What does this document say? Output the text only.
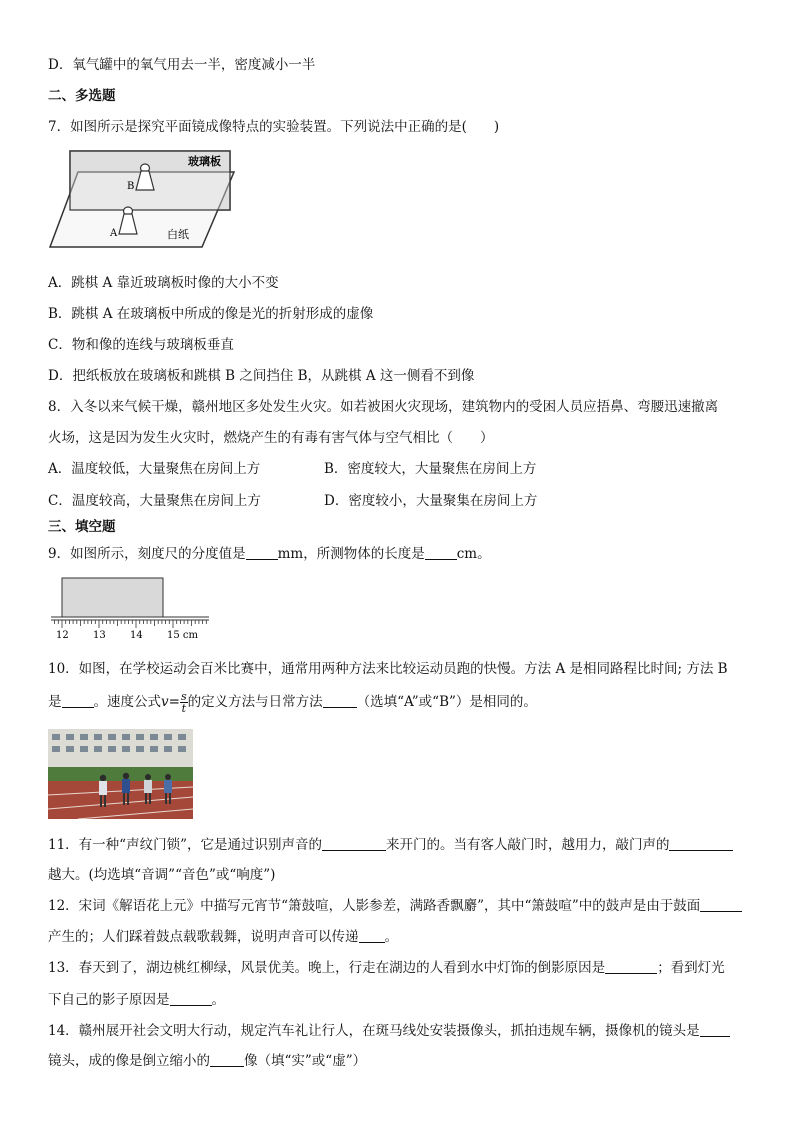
D．氧气罐中的氧气用去一半，密度减小一半
二、多选题
7．如图所示是探究平面镜成像特点的实验装置。下列说法中正确的是(　　)
玻璃板
B
A	白纸
A．跳棋 A 靠近玻璃板时像的大小不变
B．跳棋 A 在玻璃板中所成的像是光的折射形成的虚像
C．物和像的连线与玻璃板垂直
D．把纸板放在玻璃板和跳棋 B 之间挡住 B，从跳棋 A 这一侧看不到像
8．入冬以来气候干燥，赣州地区多处发生火灾。如若被困火灾现场，建筑物内的受困人员应捂鼻、弯腰迅速撤离
火场，这是因为发生火灾时，燃烧产生的有毒有害气体与空气相比（　　）
A．温度较低，大量聚焦在房间上方	B．密度较大，大量聚焦在房间上方
C．温度较高，大量聚焦在房间上方	D．密度较小，大量聚集在房间上方
三、填空题
9．如图所示，刻度尺的分度值是 mm，所测物体的长度是 cm。
12 13 14 15 cm
10．如图，在学校运动会百米比赛中，通常用两种方法来比较运动员跑的快慢。方法 A 是相同路程比时间; 方法 B
是 。速度公式$v= \frac{s}{t}$ 的定义方法与日常方法	（选填“A”或“B”）是相同的。
11．有一种“声纹门锁”，它是通过识别声音的	来开门的。当有客人敲门时，越用力，敲门声的
越大。(均选填“音调”“音色”或“响度”)
12．宋词《解语花上元》中描写元宵节“箫鼓喧，人影参差，满路香飘麝”，其中“箫鼓喧”中的鼓声是由于鼓面
产生的；人们踩着鼓点载歌载舞，说明声音可以传递 。
13．春天到了，湖边桃红柳绿，风景优美。晚上，行走在湖边的人看到水中灯饰的倒影原因是	；看到灯光
下自己的影子原因是	。
14．赣州展开社会文明大行动，规定汽车礼让行人，在斑马线处安装摄像头，抓拍违规车辆，摄像机的镜头是
镜头，成的像是倒立缩小的	像（填“实”或“虚”）
